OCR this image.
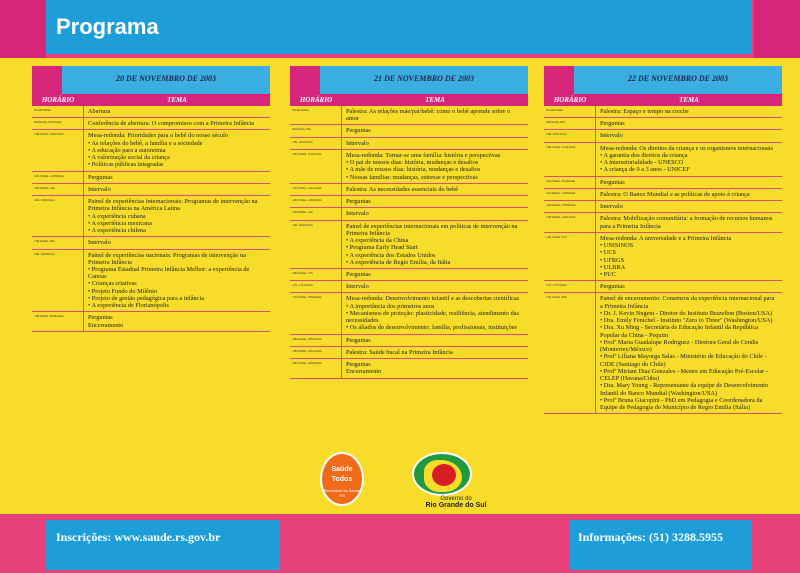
Programa
20 DE NOVEMBRO DE 2003
HORÁRIO	TEMA
9h-9h30min	Abertura
9h30min-10h45min	Conferência de abertura: O compromisso com a Primeira Infância
10h45min-12h15min	Mesa-redonda: Prioridades para o bebê do nosso século
• As relações do bebê, a família e a sociedade
• A educação para a autonomia
• A valorização social da criança
• Políticas públicas integradas
12h15min-12h30min	Perguntas
12h30min-14h	Intervalo
14h-15h45min	Painel de experiências internacionais: Programas de intervenção na Primeira Infância na América Latina
• A experiência cubana
• A experiência mexicana
• A experiência chilena
15h45min-16h	Intervalo
16h-18h30min	Painel de experiências nacionais: Programas de intervenção na Primeira Infância
• Programa Estadual Primeira Infância Melhor: a experiência de Canoas
• Crianças criativas
• Projeto Fundo do Milênio
• Projeto de gestão pedagógica para a infância
• A experiência de Florianópolis
18h30min-18h45min	Perguntas
Encerramento
21 DE NOVEMBRO DE 2003
HORÁRIO	TEMA
9h-9h45min	Palestra: As relações mãe/pai/bebê: como o bebê aprende sobre o amor
9h45min-10h	Perguntas
10h-10h15min	Intervalo
10h15min-11h25min	Mesa-redonda: Tornar-se uma família: história e perspectivas
• O pai de nossos dias: história, mudanças e desafios
• A mãe de nossos dias: história, mudanças e desafios
• Nossas famílias: mudanças, estresse e perspectivas
11h25min-12h15min	Palestra: As necessidades essenciais do bebê
12h15min-12h30min	Perguntas
12h30min-14h	Intervalo
14h-16h45min	Painel de experiências internacionais em políticas de intervenção na Primeira Infância
• A experiência da China
• Programa Early Head Start
• A experiência dos Estados Unidos
• A experiência de Regio Emília, da Itália
16h45min-17h	Perguntas
17h-17h15min	Intervalo
17h15min-18h20min	Mesa-redonda: Desenvolvimento infantil e as descobertas científicas
• A importância dos primeiros anos
• Mecanismos de proteção: plasticidade, resiliência, atendimento das necessidades
• Os aliados do desenvolvimento: família, profissionais, instituições
18h20min-18h35min	Perguntas
18h35min-19h15min	Palestra: Saúde bucal na Primeira Infância
19h15min-19h30min	Perguntas
Encerramento
22 DE NOVEMBRO DE 2003
HORÁRIO	TEMA
9h-9h45min	Palestra: Espaço e tempo na creche
9h45min-10h	Perguntas
10h-10h15min	Intervalo
10h15min-11h25min	Mesa-redonda: Os direitos da criança e os organismos internacionais
• A garantia dos direitos da criança
• A intersetorialidade - UNESCO
• A criança de 0 a 3 anos - UNICEF
11h25min-11h40min	Perguntas
11h40min-12h30min	Palestra: O Banco Mundial e as políticas de apoio à criança
12h30min-13h30min	Intervalo
13h30min-14h15min	Palestra: Mobilização comunitária: a formação de recursos humanos para a Primeira Infância
14h15min-17h	Mesa-redonda: A universidade e a Primeira Infância
• UNISINOS
• UCS
• UFRGS
• ULBRA
• PUC
17h-17h15min	Perguntas
17h15min-20h	Painel de encerramento: Consensos da experiência internacional para a Primeira Infância
• Dr. J. Kevin Nugent - Diretor do Instituto Brazelton (Boston/USA)
• Dra. Emily Fenichel - Instituto "Zero to Three" (Washington/USA)
• Dra. Xu Ming - Secretária de Educação Infantil da República Popular da China - Pequim
• Profª Maria Guadalupe Rodriguez - Diretora Geral do Cendis (Monterrey/México)
• Profª Liliana Mayorga Salas - Ministério de Educação do Chile - CIDE (Santiago do Chile)
• Profª Miriam Diaz Gonzales - Mestre em Educação Pré-Escolar - CELEP (Havana/Cuba)
• Dra. Mary Young - Representante da equipe de Desenvolvimento Infantil do Banco Mundial (Washington/USA)
• Profª Bruna Giacopini - PhD em Pedagogia e Coordenadora da Equipe de Pedagogia do Município de Regio Emilia (Itália)
Saúde
Todos
Secretaria da Saúde RS
Governo do
Rio Grande do Sul
Inscrições: www.saude.rs.gov.br	Informações: (51) 3288.5955
